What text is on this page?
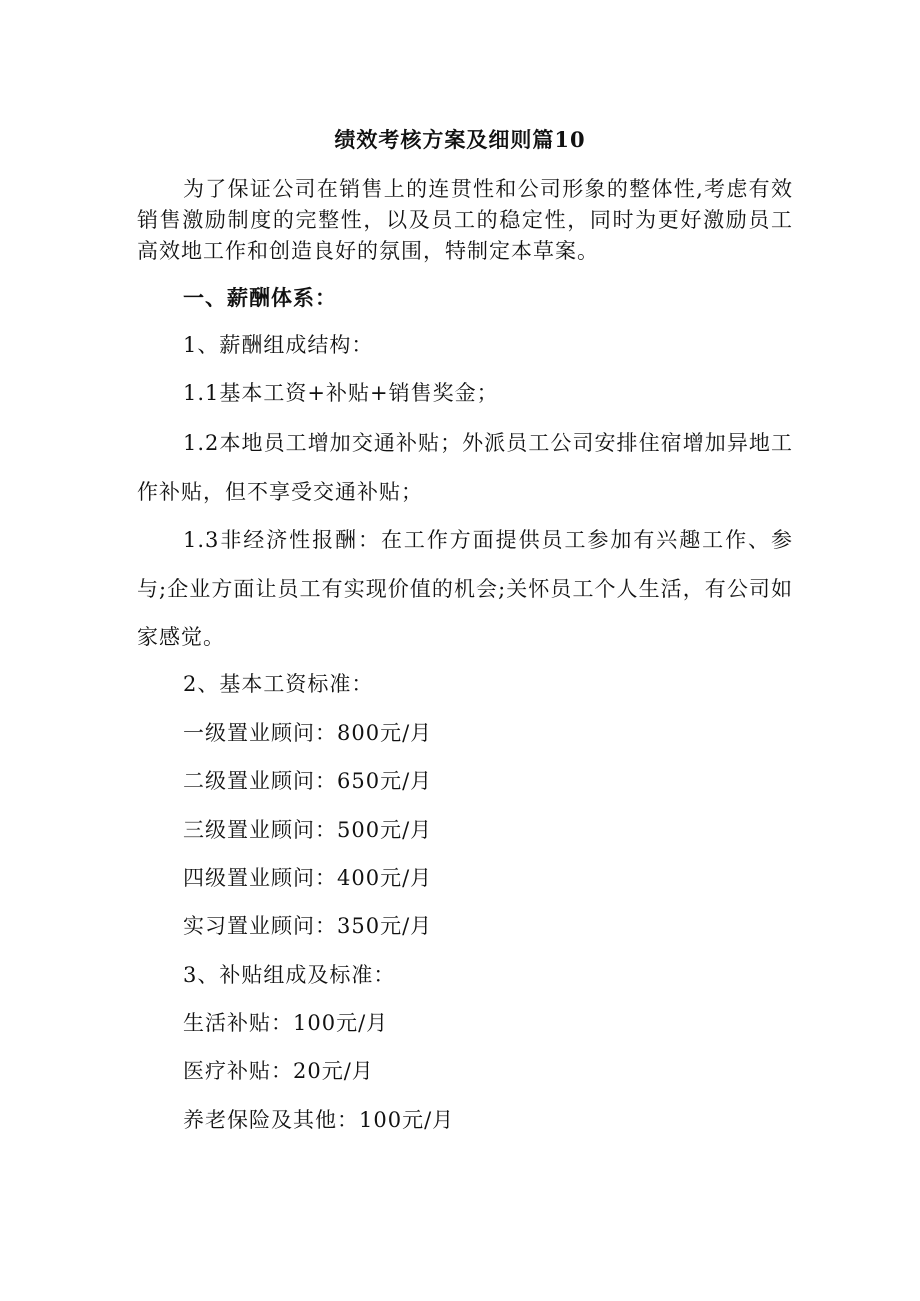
绩效考核方案及细则篇10
为了保证公司在销售上的连贯性和公司形象的整体性,考虑有效销售激励制度的完整性，以及员工的稳定性，同时为更好激励员工高效地工作和创造良好的氛围，特制定本草案。
一、薪酬体系：
1、薪酬组成结构：
1.1基本工资+补贴+销售奖金；
1.2本地员工增加交通补贴；外派员工公司安排住宿增加异地工作补贴，但不享受交通补贴；
1.3非经济性报酬：在工作方面提供员工参加有兴趣工作、参与;企业方面让员工有实现价值的机会;关怀员工个人生活，有公司如家感觉。
2、基本工资标准：
一级置业顾问：800元/月
二级置业顾问：650元/月
三级置业顾问：500元/月
四级置业顾问：400元/月
实习置业顾问：350元/月
3、补贴组成及标准：
生活补贴：100元/月
医疗补贴：20元/月
养老保险及其他：100元/月
